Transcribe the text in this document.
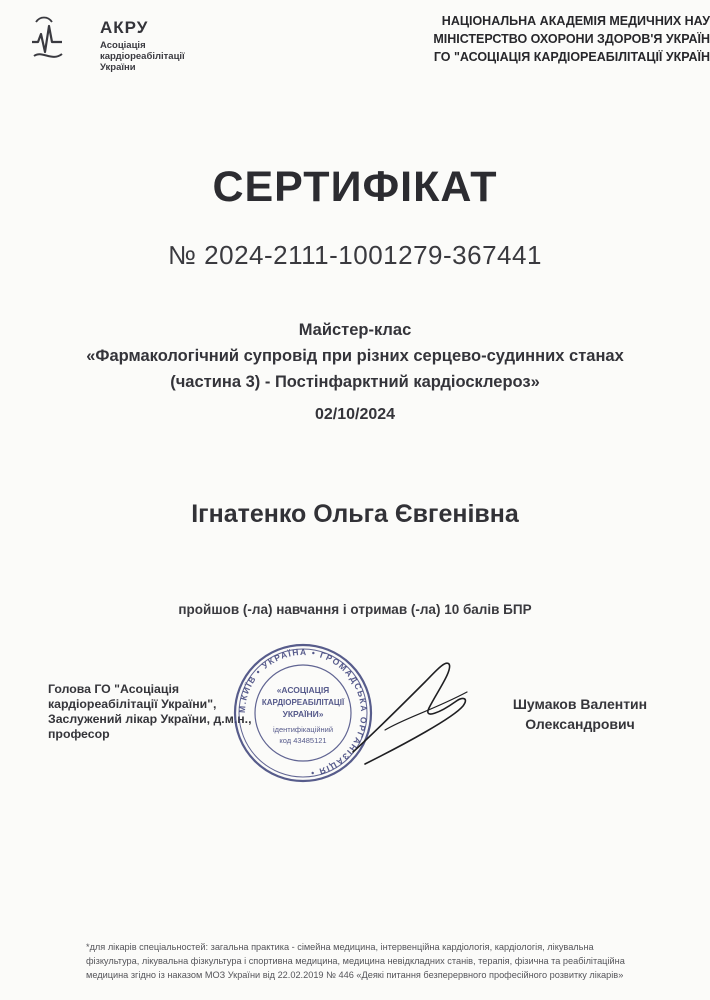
АКРУ
Асоціація
кардіореабілітації
України
НАЦІОНАЛЬНА АКАДЕМІЯ МЕДИЧНИХ НАУ
МІНІСТЕРСТВО ОХОРОНИ ЗДОРОВ'Я УКРАЇН
ГО "АСОЦІАЦІЯ КАРДІОРЕАБІЛІТАЦІЇ УКРАЇН
СЕРТИФІКАТ
№ 2024-2111-1001279-367441
Майстер-клас
«Фармакологічний супровід при різних серцево-судинних станах
(частина 3) - Постінфарктний кардіосклероз»
02/10/2024
Ігнатенко Ольга Євгенівна
пройшов (-ла) навчання і отримав (-ла) 10 балів БПР
Голова ГО "Асоціація
кардіореабілітації України",
Заслужений лікар України, д.м.н.,
професор
М.КИЇВ • УКРАЇНА • ГРОМАДСЬКА ОРГАНІЗАЦІЯ •
«АСОЦІАЦІЯ
КАРДІОРЕАБІЛІТАЦІЇ
УКРАЇНИ»
ідентифікаційний
код 43485121
Шумаков Валентин
Олександрович
*для лікарів спеціальностей: загальна практика - сімейна медицина, інтервенційна кардіологія, кардіологія, лікувальна
фізкультура, лікувальна фізкультура і спортивна медицина, медицина невідкладних станів, терапія, фізична та реабілітаційна
медицина згідно із наказом МОЗ України від 22.02.2019 № 446 «Деякі питання безперервного професійного розвитку лікарів»
